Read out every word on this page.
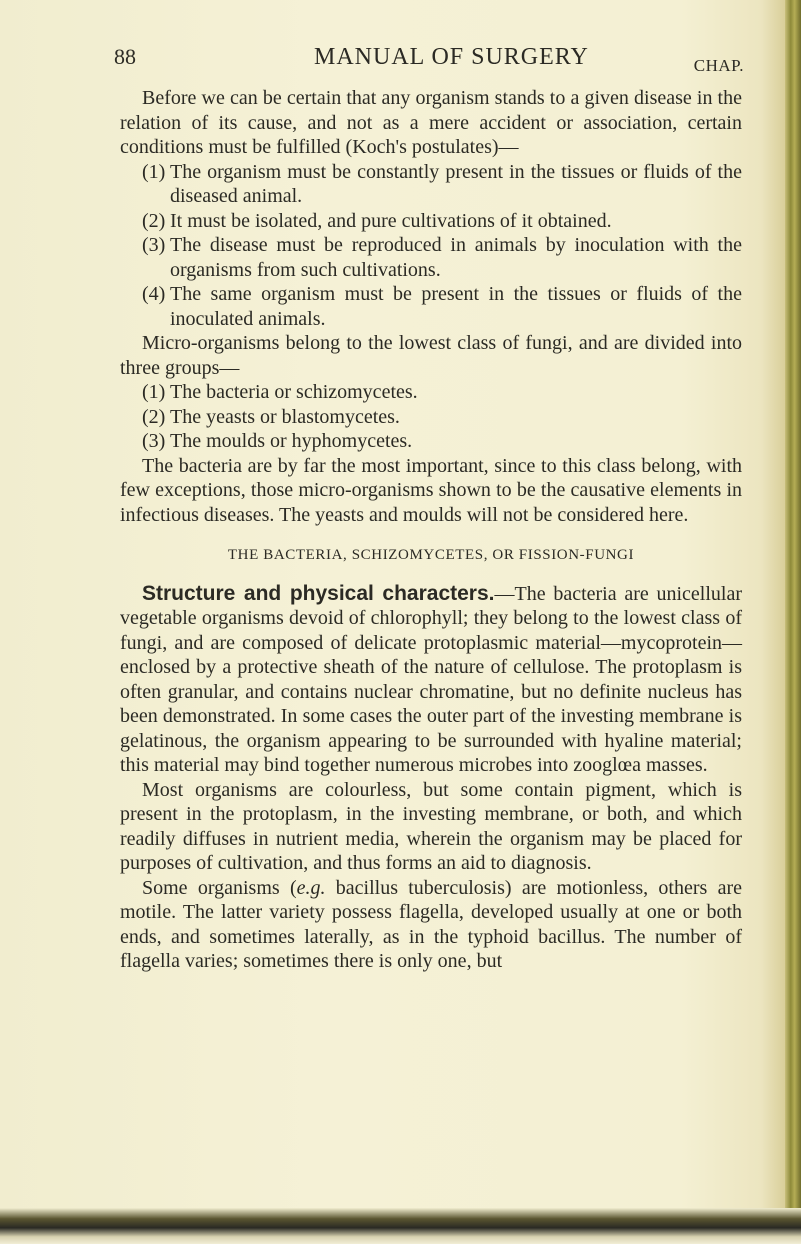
88	MANUAL OF SURGERY	CHAP.

Before we can be certain that any organism stands to a given disease in the relation of its cause, and not as a mere accident or association, certain conditions must be fulfilled (Koch's postulates)—

(1) The organism must be constantly present in the tissues or fluids of the diseased animal.

(2) It must be isolated, and pure cultivations of it obtained.

(3) The disease must be reproduced in animals by inoculation with the organisms from such cultivations.

(4) The same organism must be present in the tissues or fluids of the inoculated animals.

Micro-organisms belong to the lowest class of fungi, and are divided into three groups—

(1) The bacteria or schizomycetes.

(2) The yeasts or blastomycetes.

(3) The moulds or hyphomycetes.

The bacteria are by far the most important, since to this class belong, with few exceptions, those micro-organisms shown to be the causative elements in infectious diseases. The yeasts and moulds will not be considered here.

THE BACTERIA, SCHIZOMYCETES, OR FISSION-FUNGI

Structure and physical characters.—The bacteria are unicellular vegetable organisms devoid of chlorophyll; they belong to the lowest class of fungi, and are composed of delicate protoplasmic material—mycoprotein—enclosed by a protective sheath of the nature of cellulose. The protoplasm is often granular, and contains nuclear chromatine, but no definite nucleus has been demonstrated. In some cases the outer part of the investing membrane is gelatinous, the organism appearing to be surrounded with hyaline material; this material may bind together numerous microbes into zooglœa masses.

Most organisms are colourless, but some contain pigment, which is present in the protoplasm, in the investing membrane, or both, and which readily diffuses in nutrient media, wherein the organism may be placed for purposes of cultivation, and thus forms an aid to diagnosis.

Some organisms (e.g. bacillus tuberculosis) are motionless, others are motile. The latter variety possess flagella, developed usually at one or both ends, and sometimes laterally, as in the typhoid bacillus. The number of flagella varies; sometimes there is only one, but
